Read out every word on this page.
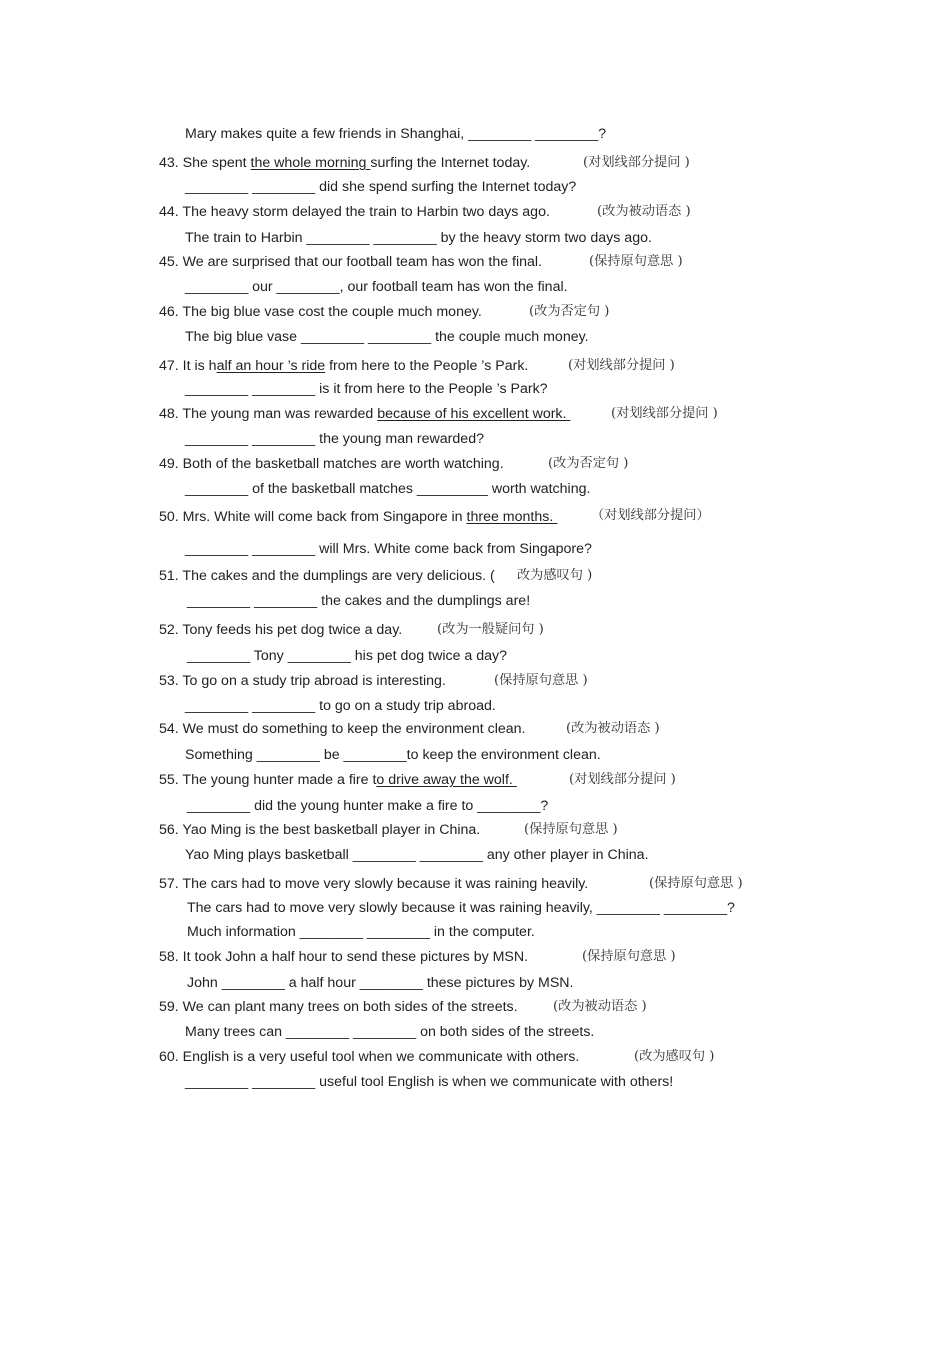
Mary makes quite a few friends in Shanghai, ________ ________?
43. She spent the whole morning surfing the Internet today.	(对划线部分提问 )
________ ________ did she spend surfing the Internet today?
44. The heavy storm delayed the train to Harbin two days ago.	(改为被动语态 )
The train to Harbin ________ ________ by the heavy storm two days ago.
45. We are surprised that our football team has won the final.	(保持原句意思 )
________ our ________, our football team has won the final.
46. The big blue vase cost the couple much money.	(改为否定句 )
The big blue vase ________ ________ the couple much money.
47. It is half an hour ’s ride from here to the People ’s Park.	(对划线部分提问 )
________ ________ is it from here to the People ’s Park?
48. The young man was rewarded because of his excellent work.	(对划线部分提问 )
________ ________ the young man rewarded?
49. Both of the basketball matches are worth watching.	(改为否定句 )
________ of the basketball matches _________ worth watching.
50. Mrs. White will come back from Singapore in three months.	（对划线部分提问）
________ ________ will Mrs. White come back from Singapore?
51. The cakes and the dumplings are very delicious. ( 改为感叹句 )
________ ________ the cakes and the dumplings are!
52. Tony feeds his pet dog twice a day.	(改为一般疑问句 )
________ Tony ________ his pet dog twice a day?
53. To go on a study trip abroad is interesting.	(保持原句意思 )
________ ________ to go on a study trip abroad.
54. We must do something to keep the environment clean.	(改为被动语态 )
Something ________ be ________to keep the environment clean.
55. The young hunter made a fire to drive away the wolf.	(对划线部分提问 )
________ did the young hunter make a fire to ________?
56. Yao Ming is the best basketball player in China.	(保持原句意思 )
Yao Ming plays basketball ________ ________ any other player in China.
57. The cars had to move very slowly because it was raining heavily.	(保持原句意思 )
The cars had to move very slowly because it was raining heavily, ________ ________?
Much information ________ ________ in the computer.
58. It took John a half hour to send these pictures by MSN.	(保持原句意思 )
John ________ a half hour ________ these pictures by MSN.
59. We can plant many trees on both sides of the streets.	(改为被动语态 )
Many trees can ________ ________ on both sides of the streets.
60. English is a very useful tool when we communicate with others.	(改为感叹句 )
________ ________ useful tool English is when we communicate with others!
